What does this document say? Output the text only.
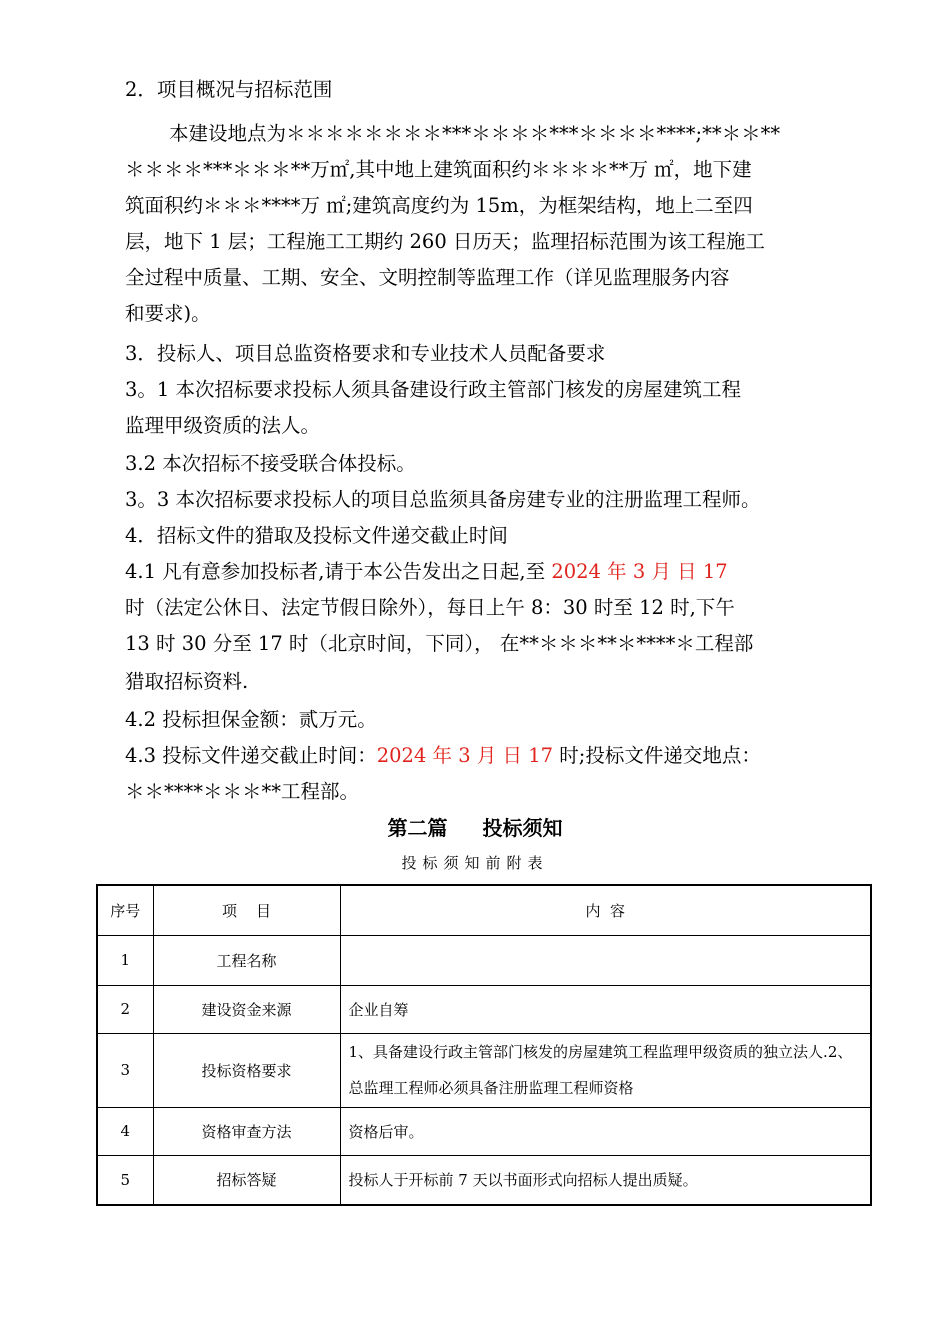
2．项目概况与招标范围
本建设地点为＊＊＊＊＊＊＊＊***＊＊＊＊***＊＊＊＊****;**＊＊**
＊＊＊＊***＊＊＊**万㎡,其中地上建筑面积约＊＊＊＊**万 ㎡，地下建
筑面积约＊＊＊****万 ㎡;建筑高度约为 15m，为框架结构，地上二至四
层，地下 1 层；工程施工工期约 260 日历天；监理招标范围为该工程施工
全过程中质量、工期、安全、文明控制等监理工作（详见监理服务内容
和要求)。
3．投标人、项目总监资格要求和专业技术人员配备要求
3。1 本次招标要求投标人须具备建设行政主管部门核发的房屋建筑工程
监理甲级资质的法人。
3.2 本次招标不接受联合体投标。
3。3 本次招标要求投标人的项目总监须具备房建专业的注册监理工程师。
4．招标文件的猎取及投标文件递交截止时间
4.1 凡有意参加投标者,请于本公告发出之日起,至 2024 年 3 月 日 17
时（法定公休日、法定节假日除外），每日上午 8：30 时至 12 时,下午
13 时 30 分至 17 时（北京时间，下同）， 在**＊＊＊**＊****＊工程部
猎取招标资料.
4.2 投标担保金额：贰万元。
4.3 投标文件递交截止时间：2024 年 3 月 日 17 时;投标文件递交地点：
＊＊****＊＊＊**工程部。
第二篇 投标须知
投标须知前附表
序号	项    目	内  容
1	工程名称	
2	建设资金来源	企业自筹
3	投标资格要求	1、具备建设行政主管部门核发的房屋建筑工程监理甲级资质的独立法人.2、总监理工程师必须具备注册监理工程师资格
4	资格审查方法	资格后审。
5	招标答疑	投标人于开标前 7 天以书面形式向招标人提出质疑。
